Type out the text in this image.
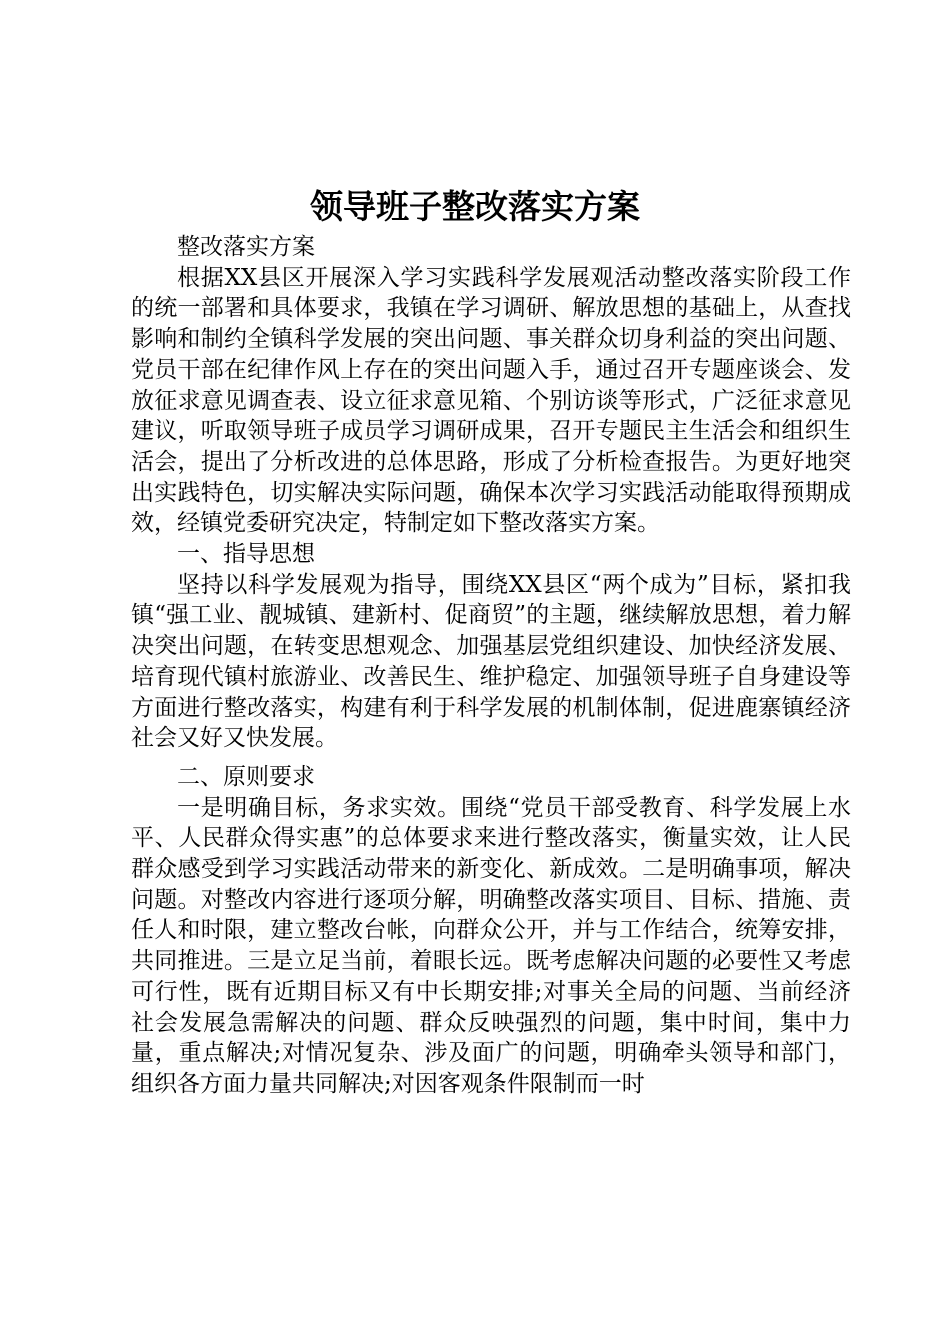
领导班子整改落实方案

整改落实方案

根据XX县区开展深入学习实践科学发展观活动整改落实阶段工作的统一部署和具体要求，我镇在学习调研、解放思想的基础上，从查找影响和制约全镇科学发展的突出问题、事关群众切身利益的突出问题、党员干部在纪律作风上存在的突出问题入手，通过召开专题座谈会、发放征求意见调查表、设立征求意见箱、个别访谈等形式，广泛征求意见建议，听取领导班子成员学习调研成果，召开专题民主生活会和组织生活会，提出了分析改进的总体思路，形成了分析检查报告。为更好地突出实践特色，切实解决实际问题，确保本次学习实践活动能取得预期成效，经镇党委研究决定，特制定如下整改落实方案。

一、指导思想

坚持以科学发展观为指导，围绕XX县区“两个成为”目标，紧扣我镇“强工业、靓城镇、建新村、促商贸”的主题，继续解放思想，着力解决突出问题，在转变思想观念、加强基层党组织建设、加快经济发展、培育现代镇村旅游业、改善民生、维护稳定、加强领导班子自身建设等方面进行整改落实，构建有利于科学发展的机制体制，促进鹿寨镇经济社会又好又快发展。

二、原则要求

一是明确目标，务求实效。围绕“党员干部受教育、科学发展上水平、人民群众得实惠”的总体要求来进行整改落实，衡量实效，让人民群众感受到学习实践活动带来的新变化、新成效。二是明确事项，解决问题。对整改内容进行逐项分解，明确整改落实项目、目标、措施、责任人和时限，建立整改台帐，向群众公开，并与工作结合，统筹安排，共同推进。三是立足当前，着眼长远。既考虑解决问题的必要性又考虑可行性，既有近期目标又有中长期安排;对事关全局的问题、当前经济社会发展急需解决的问题、群众反映强烈的问题，集中时间，集中力量，重点解决;对情况复杂、涉及面广的问题，明确牵头领导和部门，组织各方面力量共同解决;对因客观条件限制而一时
